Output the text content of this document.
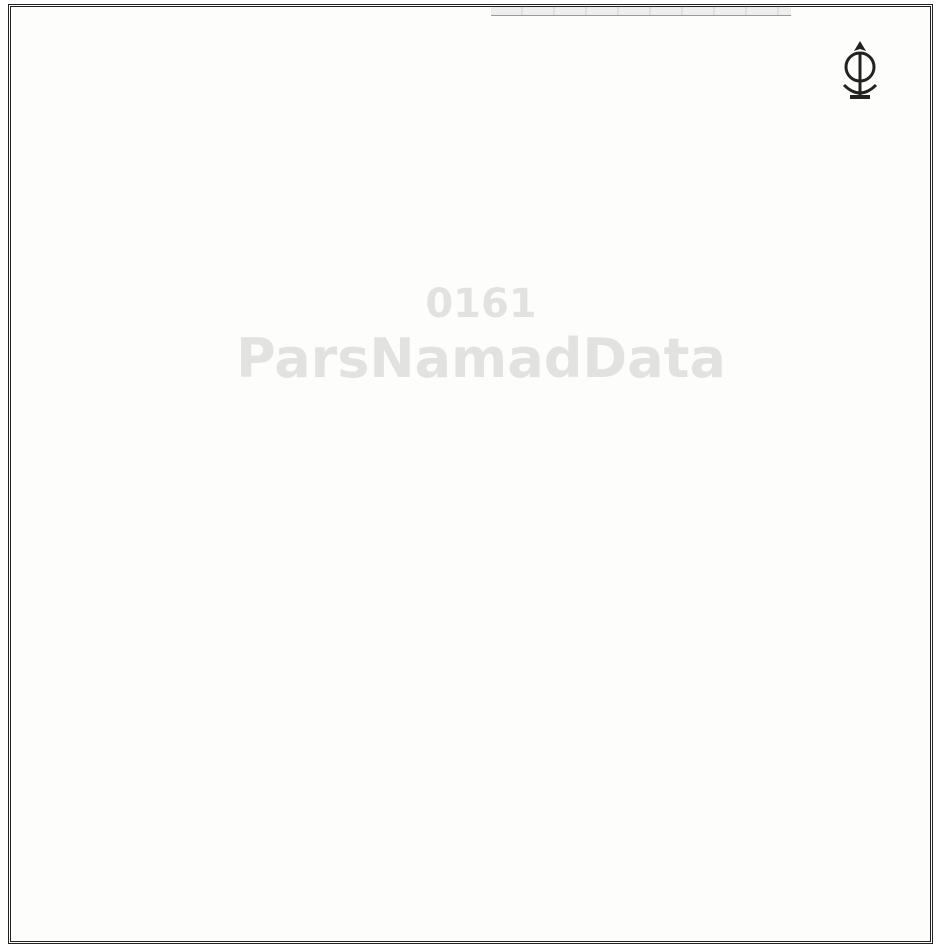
ParsNamadData
0161
